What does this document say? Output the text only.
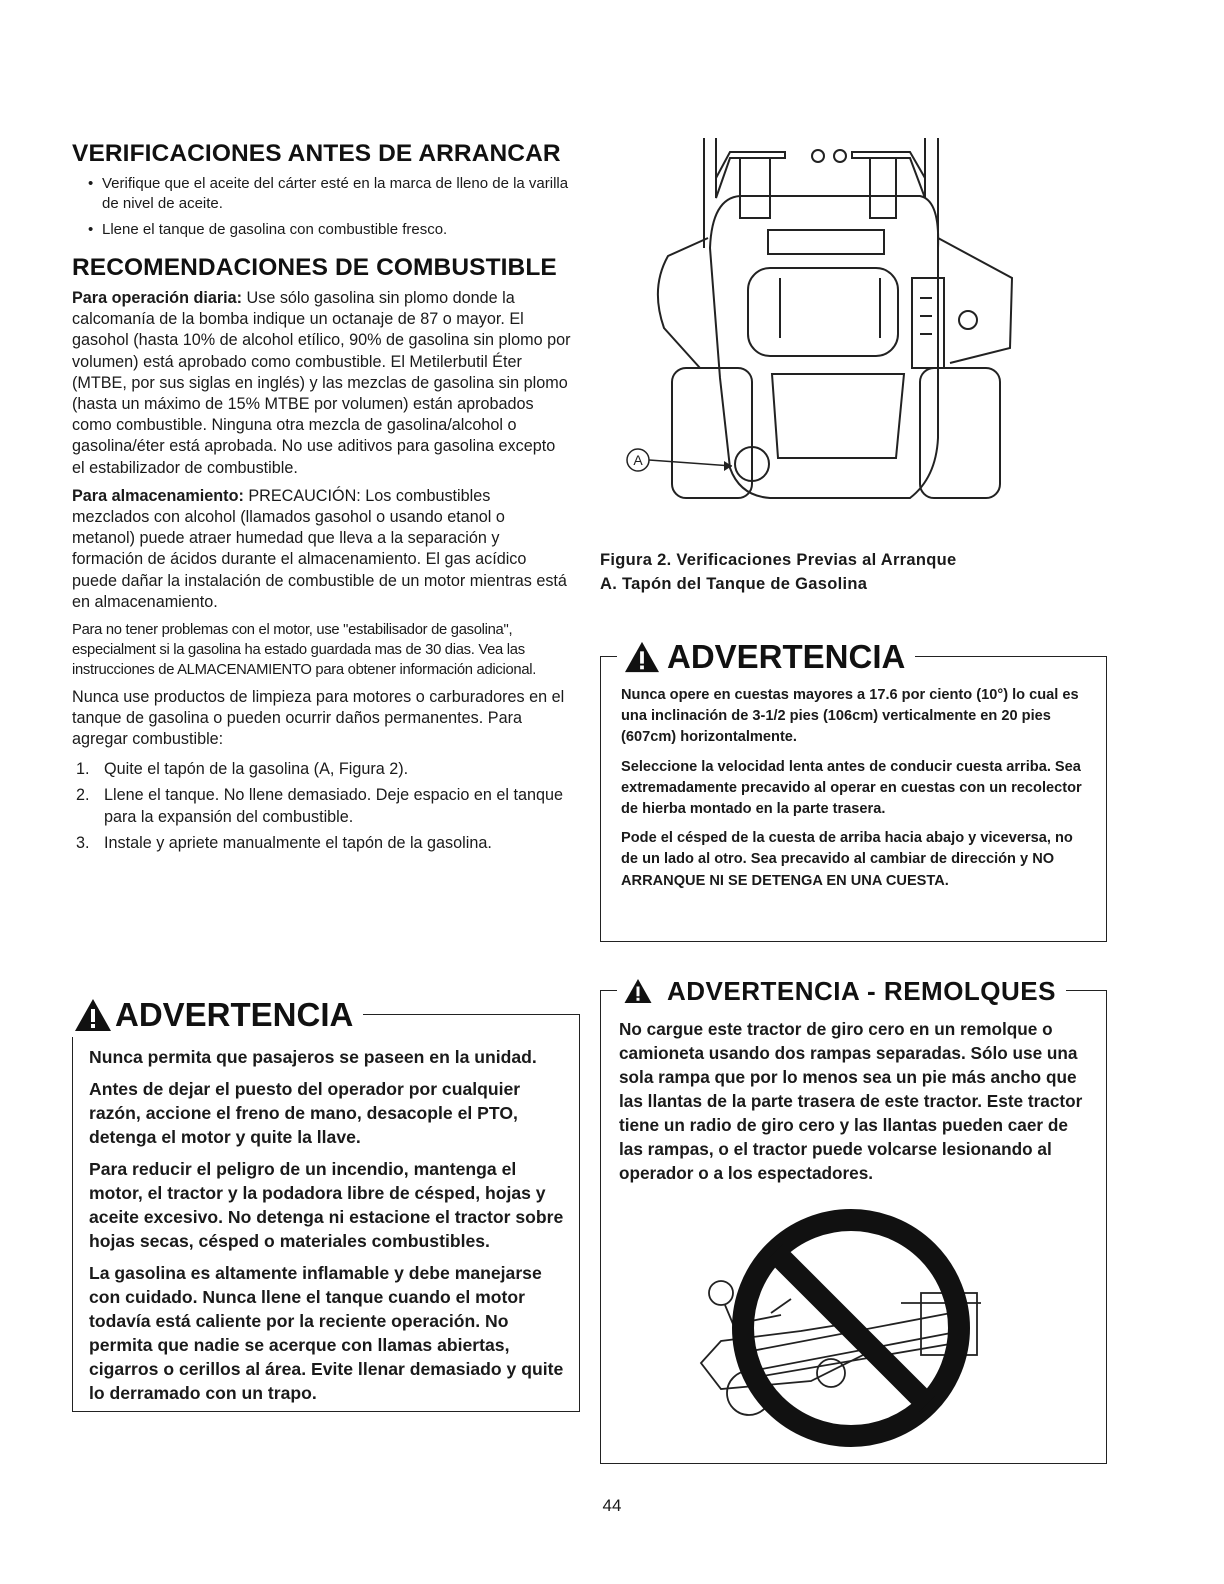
VERIFICACIONES ANTES DE ARRANCAR
• Verifique que el aceite del cárter esté en la marca de lleno de la varilla de nivel de aceite.
• Llene el tanque de gasolina con combustible fresco.
RECOMENDACIONES DE COMBUSTIBLE

Para operación diaria: Use sólo gasolina sin plomo donde la calcomanía de la bomba indique un octanaje de 87 o mayor. El gasohol (hasta 10% de alcohol etílico, 90% de gasolina sin plomo por volumen) está aprobado como combustible. El Metilerbutil Éter (MTBE, por sus siglas en inglés) y las mezclas de gasolina sin plomo (hasta un máximo de 15% MTBE por volumen) están aprobados como combustible. Ninguna otra mezcla de gasolina/alcohol o gasolina/éter está aprobada. No use aditivos para gasolina excepto el estabilizador de combustible.

Para almacenamiento: PRECAUCIÓN: Los combustibles mezclados con alcohol (llamados gasohol o usando etanol o metanol) puede atraer humedad que lleva a la separación y formación de ácidos durante el almacenamiento. El gas acídico puede dañar la instalación de combustible de un motor mientras está en almacenamiento.

Para no tener problemas con el motor, use "estabilisador de gasolina", especialment si la gasolina ha estado guardada mas de 30 dias. Vea las instrucciones de ALMACENAMIENTO para obtener información adicional.

Nunca use productos de limpieza para motores o carburadores en el tanque de gasolina o pueden ocurrir daños permanentes. Para agregar combustible:

1. Quite el tapón de la gasolina (A, Figura 2).
2. Llene el tanque. No llene demasiado. Deje espacio en el tanque para la expansión del combustible.
3. Instale y apriete manualmente el tapón de la gasolina.
ADVERTENCIA

Nunca permita que pasajeros se paseen en la unidad.

Antes de dejar el puesto del operador por cualquier razón, accione el freno de mano, desacople el PTO, detenga el motor y quite la llave.

Para reducir el peligro de un incendio, mantenga el motor, el tractor y la podadora libre de césped, hojas y aceite excesivo. No detenga ni estacione el tractor sobre hojas secas, césped o materiales combustibles.

La gasolina es altamente inflamable y debe manejarse con cuidado. Nunca llene el tanque cuando el motor todavía está caliente por la reciente operación. No permita que nadie se acerque con llamas abiertas, cigarros o cerillos al área. Evite llenar demasiado y quite lo derramado con un trapo.

A
Figura 2. Verificaciones Previas al Arranque
A. Tapón del Tanque de Gasolina
ADVERTENCIA

Nunca opere en cuestas mayores a 17.6 por ciento (10°) lo cual es una inclinación de 3-1/2 pies (106cm) verticalmente en 20 pies (607cm) horizontalmente.

Seleccione la velocidad lenta antes de conducir cuesta arriba. Sea extremadamente precavido al operar en cuestas con un recolector de hierba montado en la parte trasera.

Pode el césped de la cuesta de arriba hacia abajo y viceversa, no de un lado al otro. Sea precavido al cambiar de dirección y NO ARRANQUE NI SE DETENGA EN UNA CUESTA.

ADVERTENCIA - REMOLQUES

No cargue este tractor de giro cero en un remolque o camioneta usando dos rampas separadas. Sólo use una sola rampa que por lo menos sea un pie más ancho que las llantas de la parte trasera de este tractor. Este tractor tiene un radio de giro cero y las llantas pueden caer de las rampas, o el tractor puede volcarse lesionando al operador o a los espectadores.

44
